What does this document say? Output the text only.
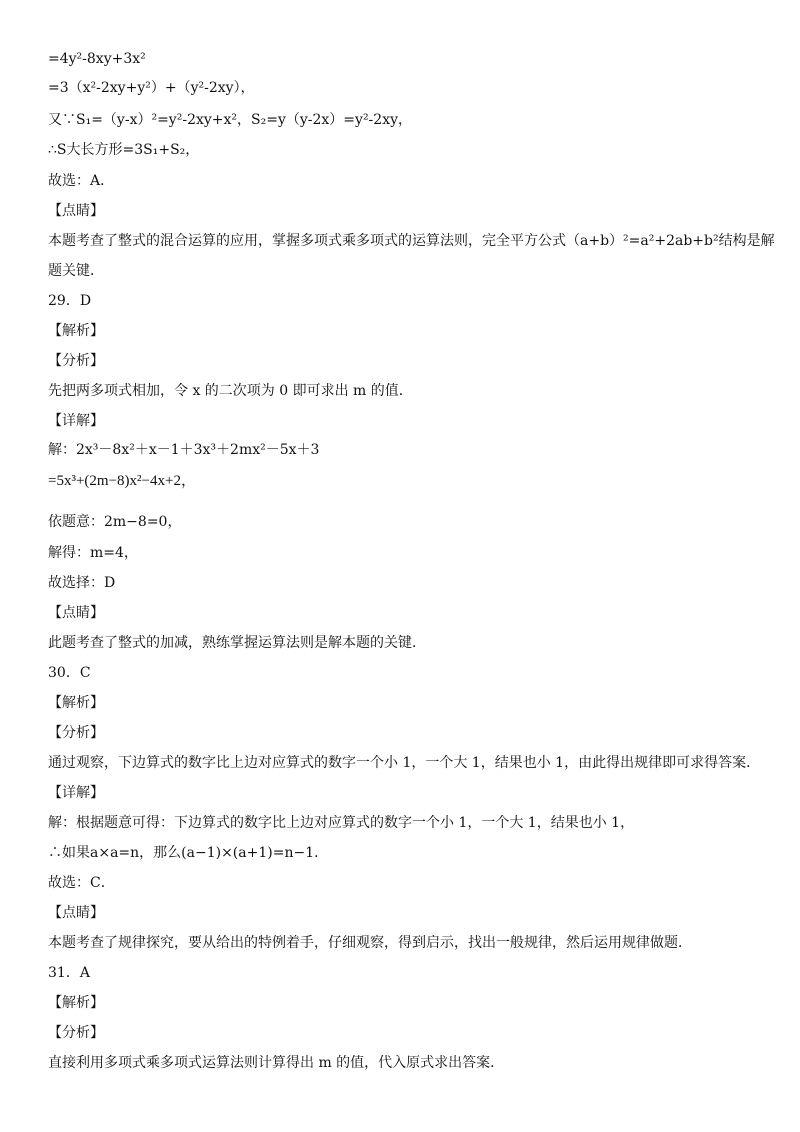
=4y²-8xy+3x²
=3（x²-2xy+y²）+（y²-2xy），
又∵S₁=（y-x）²=y²-2xy+x²，S₂=y（y-2x）=y²-2xy，
∴S大长方形=3S₁+S₂，
故选：A．
【点睛】
本题考查了整式的混合运算的应用，掌握多项式乘多项式的运算法则，完全平方公式（a+b）²=a²+2ab+b²结构是解
题关键．
29．D
【解析】
【分析】
先把两多项式相加，令 x 的二次项为 0 即可求出 m 的值．
【详解】
解：2x³－8x²＋x－1＋3x³＋2mx²－5x＋3
=5x³+(2m−8)x²−4x+2，
依题意：2m−8=0，
解得：m=4，
故选择：D
【点睛】
此题考查了整式的加减，熟练掌握运算法则是解本题的关键．
30．C
【解析】
【分析】
通过观察，下边算式的数字比上边对应算式的数字一个小 1，一个大 1，结果也小 1，由此得出规律即可求得答案．
【详解】
解：根据题意可得：下边算式的数字比上边对应算式的数字一个小 1，一个大 1，结果也小 1，
∴如果a×a=n，那么(a−1)×(a+1)=n−1．
故选：C．
【点睛】
本题考查了规律探究，要从给出的特例着手，仔细观察，得到启示，找出一般规律，然后运用规律做题．
31．A
【解析】
【分析】
直接利用多项式乘多项式运算法则计算得出 m 的值，代入原式求出答案．
